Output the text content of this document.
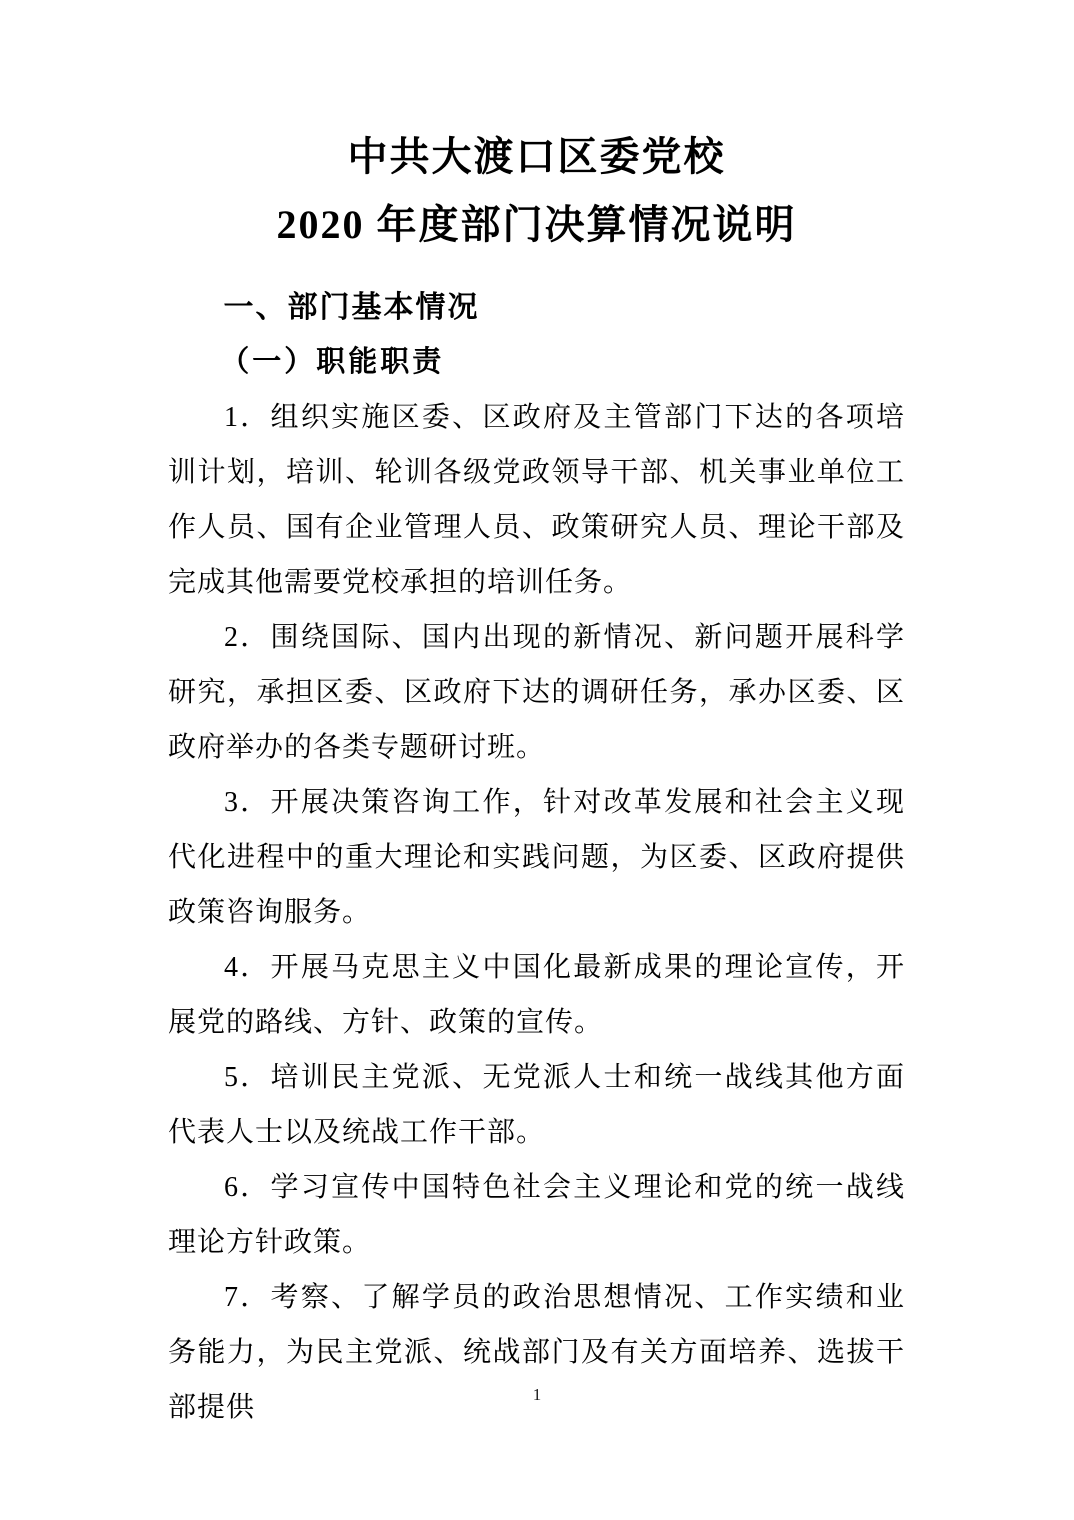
中共大渡口区委党校
2020 年度部门决算情况说明
一、部门基本情况
（一）职能职责

1．组织实施区委、区政府及主管部门下达的各项培训计划，培训、轮训各级党政领导干部、机关事业单位工作人员、国有企业管理人员、政策研究人员、理论干部及完成其他需要党校承担的培训任务。

2．围绕国际、国内出现的新情况、新问题开展科学研究，承担区委、区政府下达的调研任务，承办区委、区政府举办的各类专题研讨班。

3．开展决策咨询工作，针对改革发展和社会主义现代化进程中的重大理论和实践问题，为区委、区政府提供政策咨询服务。

4．开展马克思主义中国化最新成果的理论宣传，开展党的路线、方针、政策的宣传。

5．培训民主党派、无党派人士和统一战线其他方面代表人士以及统战工作干部。

6．学习宣传中国特色社会主义理论和党的统一战线理论方针政策。

7．考察、了解学员的政治思想情况、工作实绩和业务能力，为民主党派、统战部门及有关方面培养、选拔干部提供	1
